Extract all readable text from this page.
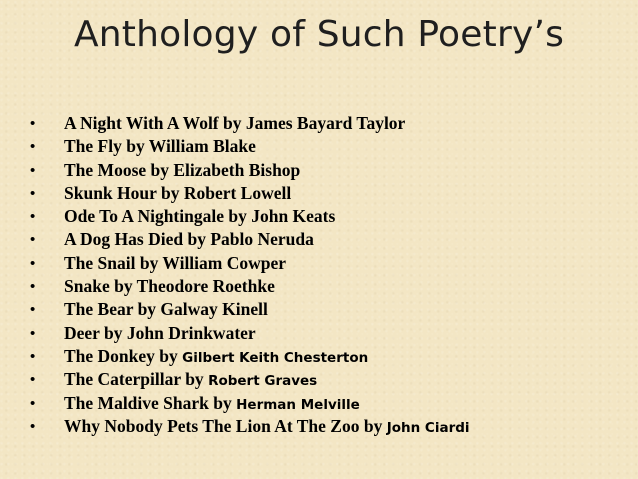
Anthology of Such Poetry’s
• A Night With A Wolf by James Bayard Taylor
• The Fly by William Blake
• The Moose by Elizabeth Bishop
• Skunk Hour by Robert Lowell
• Ode To A Nightingale by John Keats
• A Dog Has Died by Pablo Neruda
• The Snail by William Cowper
• Snake by Theodore Roethke
• The Bear by Galway Kinell
• Deer by John Drinkwater
• The Donkey by Gilbert Keith Chesterton
• The Caterpillar by Robert Graves
• The Maldive Shark by Herman Melville
• Why Nobody Pets The Lion At The Zoo by John Ciardi
